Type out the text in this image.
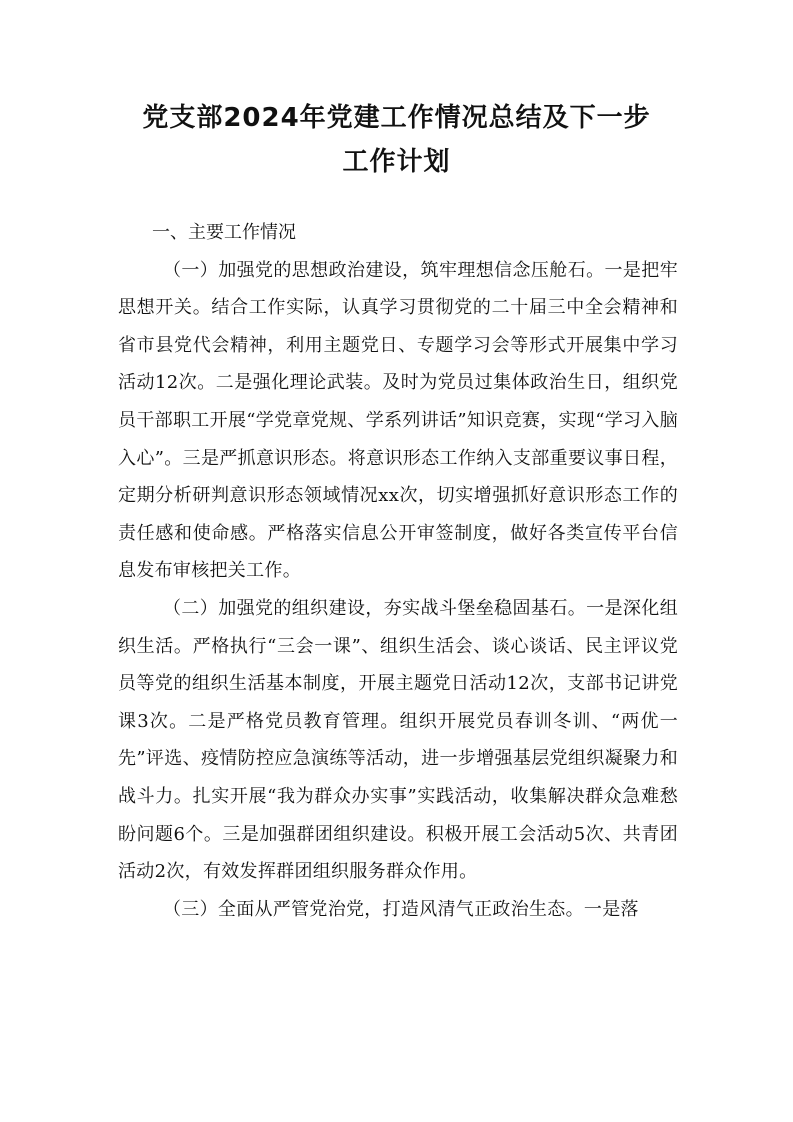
党支部2024年党建工作情况总结及下一步
工作计划

一、主要工作情况

（一）加强党的思想政治建设，筑牢理想信念压舱石。一是把牢思想开关。结合工作实际，认真学习贯彻党的二十届三中全会精神和省市县党代会精神，利用主题党日、专题学习会等形式开展集中学习活动12次。二是强化理论武装。及时为党员过集体政治生日，组织党员干部职工开展“学党章党规、学系列讲话”知识竞赛，实现“学习入脑入心”。三是严抓意识形态。将意识形态工作纳入支部重要议事日程，定期分析研判意识形态领域情况xx次，切实增强抓好意识形态工作的责任感和使命感。严格落实信息公开审签制度，做好各类宣传平台信息发布审核把关工作。

（二）加强党的组织建设，夯实战斗堡垒稳固基石。一是深化组织生活。严格执行“三会一课”、组织生活会、谈心谈话、民主评议党员等党的组织生活基本制度，开展主题党日活动12次，支部书记讲党课3次。二是严格党员教育管理。组织开展党员春训冬训、“两优一先”评选、疫情防控应急演练等活动，进一步增强基层党组织凝聚力和战斗力。扎实开展“我为群众办实事”实践活动，收集解决群众急难愁盼问题6个。三是加强群团组织建设。积极开展工会活动5次、共青团活动2次，有效发挥群团组织服务群众作用。

（三）全面从严管党治党，打造风清气正政治生态。一是落
